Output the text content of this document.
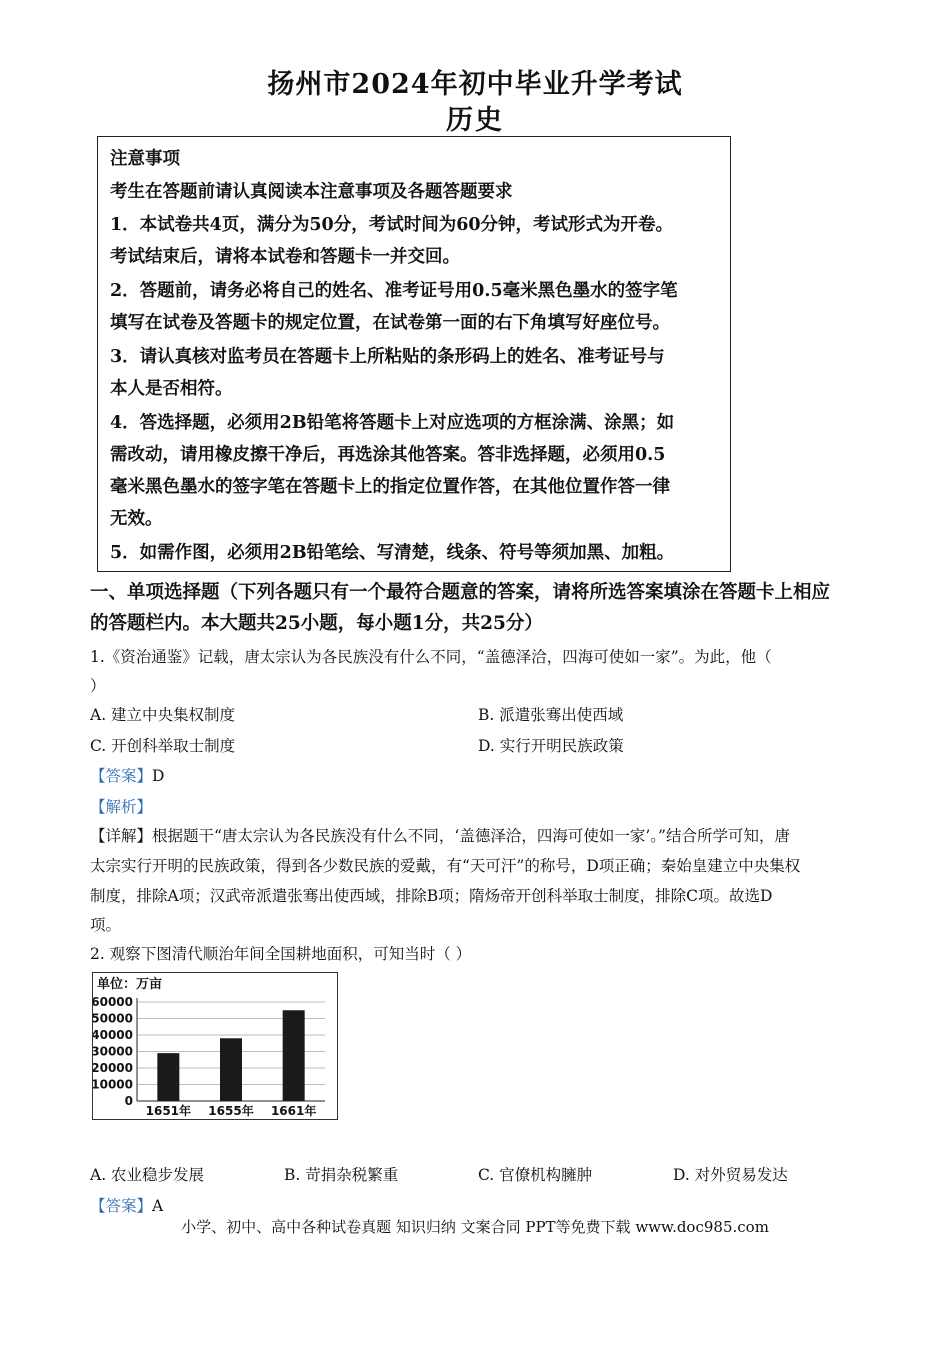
扬州市2024年初中毕业升学考试
历史
注意事项
考生在答题前请认真阅读本注意事项及各题答题要求
1．本试卷共4页，满分为50分，考试时间为60分钟，考试形式为开卷。
考试结束后，请将本试卷和答题卡一并交回。
2．答题前，请务必将自己的姓名、准考证号用0.5毫米黑色墨水的签字笔
填写在试卷及答题卡的规定位置，在试卷第一面的右下角填写好座位号。
3．请认真核对监考员在答题卡上所粘贴的条形码上的姓名、准考证号与
本人是否相符。
4．答选择题，必须用2B铅笔将答题卡上对应选项的方框涂满、涂黑；如
需改动，请用橡皮擦干净后，再选涂其他答案。答非选择题，必须用0.5
毫米黑色墨水的签字笔在答题卡上的指定位置作答，在其他位置作答一律
无效。
5．如需作图，必须用2B铅笔绘、写清楚，线条、符号等须加黑、加粗。
一、单项选择题（下列各题只有一个最符合题意的答案，请将所选答案填涂在答题卡上相应
的答题栏内。本大题共25小题，每小题1分，共25分）
1.《资治通鉴》记载，唐太宗认为各民族没有什么不同，“盖德泽洽，四海可使如一家”。为此，他（
）
A. 建立中央集权制度	B. 派遣张骞出使西域
C. 开创科举取士制度	D. 实行开明民族政策
【答案】D
【解析】
【详解】根据题干“唐太宗认为各民族没有什么不同，‘盖德泽洽，四海可使如一家’。”结合所学可知，唐
太宗实行开明的民族政策，得到各少数民族的爱戴，有“天可汗”的称号，D项正确；秦始皇建立中央集权
制度，排除A项；汉武帝派遣张骞出使西域，排除B项；隋炀帝开创科举取士制度，排除C项。故选D
项。
2. 观察下图清代顺治年间全国耕地面积，可知当时（ ）
单位：万亩
60000
50000
40000
30000
20000
10000
0
1651年 1655年 1661年
A. 农业稳步发展	B. 苛捐杂税繁重	C. 官僚机构臃肿	D. 对外贸易发达
【答案】A
小学、初中、高中各种试卷真题 知识归纳 文案合同 PPT等免费下载 www.doc985.com
